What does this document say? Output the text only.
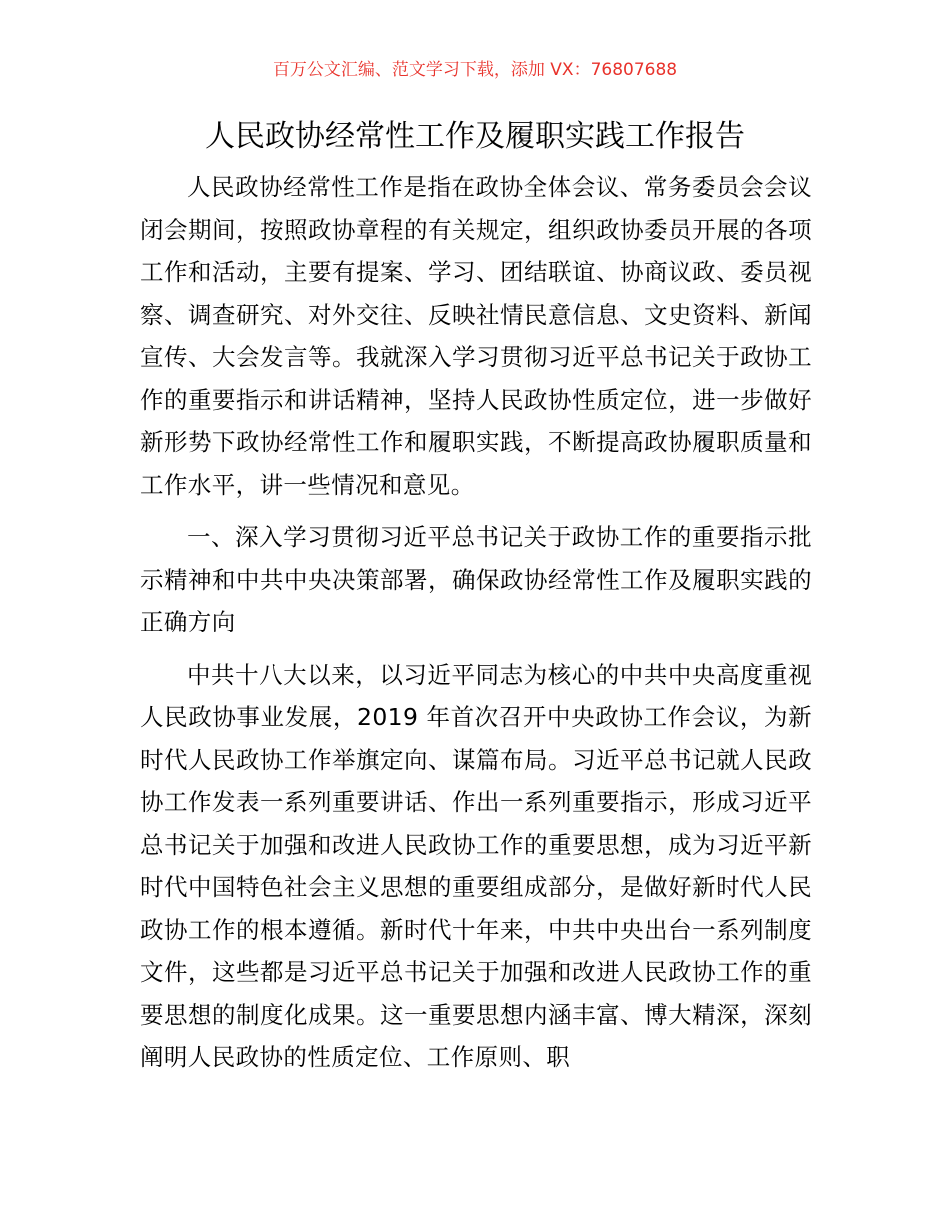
百万公文汇编、范文学习下载，添加 VX：76807688
人民政协经常性工作及履职实践工作报告

人民政协经常性工作是指在政协全体会议、常务委员会会议闭会期间，按照政协章程的有关规定，组织政协委员开展的各项工作和活动，主要有提案、学习、团结联谊、协商议政、委员视察、调查研究、对外交往、反映社情民意信息、文史资料、新闻宣传、大会发言等。我就深入学习贯彻习近平总书记关于政协工作的重要指示和讲话精神，坚持人民政协性质定位，进一步做好新形势下政协经常性工作和履职实践，不断提高政协履职质量和工作水平，讲一些情况和意见。

一、深入学习贯彻习近平总书记关于政协工作的重要指示批示精神和中共中央决策部署，确保政协经常性工作及履职实践的正确方向

中共十八大以来，以习近平同志为核心的中共中央高度重视人民政协事业发展，2019 年首次召开中央政协工作会议，为新时代人民政协工作举旗定向、谋篇布局。习近平总书记就人民政协工作发表一系列重要讲话、作出一系列重要指示，形成习近平总书记关于加强和改进人民政协工作的重要思想，成为习近平新时代中国特色社会主义思想的重要组成部分，是做好新时代人民政协工作的根本遵循。新时代十年来，中共中央出台一系列制度文件，这些都是习近平总书记关于加强和改进人民政协工作的重要思想的制度化成果。这一重要思想内涵丰富、博大精深，深刻阐明人民政协的性质定位、工作原则、职
